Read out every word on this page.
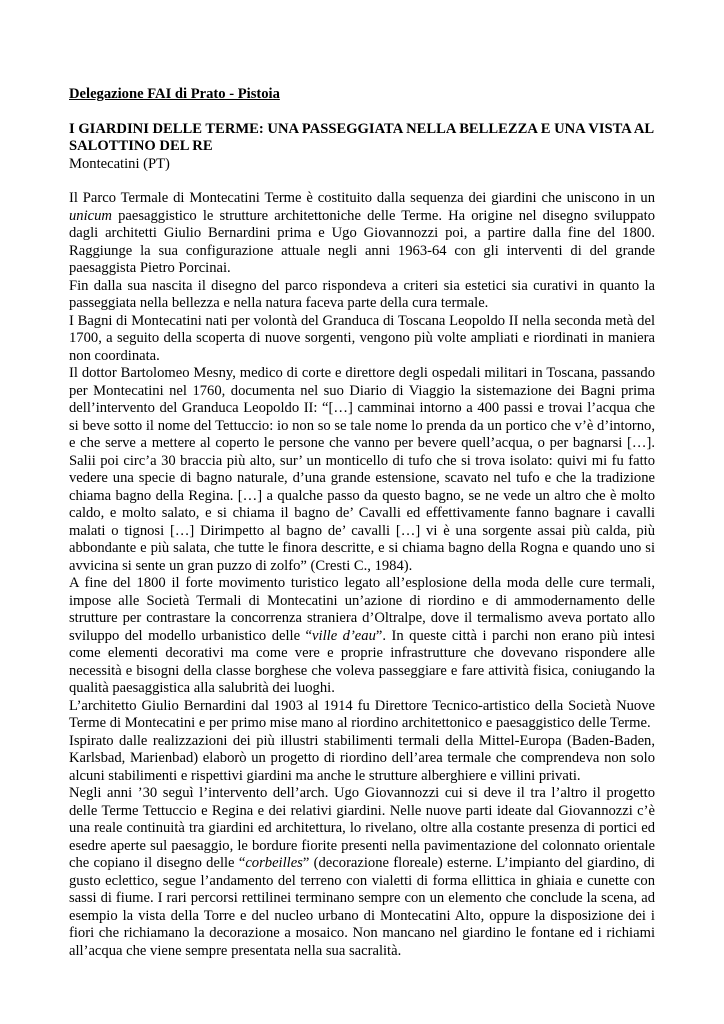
Delegazione FAI di Prato - Pistoia

I GIARDINI DELLE TERME: UNA PASSEGGIATA NELLA BELLEZZA E UNA VISTA AL SALOTTINO DEL RE

Montecatini (PT)

Il Parco Termale di Montecatini Terme è costituito dalla sequenza dei giardini che uniscono in un unicum paesaggistico le strutture architettoniche delle Terme. Ha origine nel disegno sviluppato dagli architetti Giulio Bernardini prima e Ugo Giovannozzi poi, a partire dalla fine del 1800. Raggiunge la sua configurazione attuale negli anni 1963-64 con gli interventi di del grande paesaggista Pietro Porcinai.

Fin dalla sua nascita il disegno del parco rispondeva a criteri sia estetici sia curativi in quanto la passeggiata nella bellezza e nella natura faceva parte della cura termale.

I Bagni di Montecatini nati per volontà del Granduca di Toscana Leopoldo II nella seconda metà del 1700, a seguito della scoperta di nuove sorgenti, vengono più volte ampliati e riordinati in maniera non coordinata.

Il dottor Bartolomeo Mesny, medico di corte e direttore degli ospedali militari in Toscana, passando per Montecatini nel 1760, documenta nel suo Diario di Viaggio la sistemazione dei Bagni prima dell’intervento del Granduca Leopoldo II: “[…] camminai intorno a 400 passi e trovai l’acqua che si beve sotto il nome del Tettuccio: io non so se tale nome lo prenda da un portico che v’è d’intorno, e che serve a mettere al coperto le persone che vanno per bevere quell’acqua, o per bagnarsi […]. Salii poi circ’a 30 braccia più alto, sur’ un monticello di tufo che si trova isolato: quivi mi fu fatto vedere una specie di bagno naturale, d’una grande estensione, scavato nel tufo e che la tradizione chiama bagno della Regina. […] a qualche passo da questo bagno, se ne vede un altro che è molto caldo, e molto salato, e si chiama il bagno de’ Cavalli ed effettivamente fanno bagnare i cavalli malati o tignosi […] Dirimpetto al bagno de’ cavalli […] vi è una sorgente assai più calda, più abbondante e più salata, che tutte le finora descritte, e si chiama bagno della Rogna e quando uno si avvicina si sente un gran puzzo di zolfo” (Cresti C., 1984).

A fine del 1800 il forte movimento turistico legato all’esplosione della moda delle cure termali, impose alle Società Termali di Montecatini un’azione di riordino e di ammodernamento delle strutture per contrastare la concorrenza straniera d’Oltralpe, dove il termalismo aveva portato allo sviluppo del modello urbanistico delle “ville d’eau”. In queste città i parchi non erano più intesi come elementi decorativi ma come vere e proprie infrastrutture che dovevano rispondere alle necessità e bisogni della classe borghese che voleva passeggiare e fare attività fisica, coniugando la qualità paesaggistica alla salubrità dei luoghi.

L’architetto Giulio Bernardini dal 1903 al 1914 fu Direttore Tecnico-artistico della Società Nuove Terme di Montecatini e per primo mise mano al riordino architettonico e paesaggistico delle Terme.

Ispirato dalle realizzazioni dei più illustri stabilimenti termali della Mittel-Europa (Baden-Baden, Karlsbad, Marienbad) elaborò un progetto di riordino dell’area termale che comprendeva non solo alcuni stabilimenti e rispettivi giardini ma anche le strutture alberghiere e villini privati.

Negli anni ’30 seguì l’intervento dell’arch. Ugo Giovannozzi cui si deve il tra l’altro il progetto delle Terme Tettuccio e Regina e dei relativi giardini. Nelle nuove parti ideate dal Giovannozzi c’è una reale continuità tra giardini ed architettura, lo rivelano, oltre alla costante presenza di portici ed esedre aperte sul paesaggio, le bordure fiorite presenti nella pavimentazione del colonnato orientale che copiano il disegno delle “corbeilles” (decorazione floreale) esterne. L’impianto del giardino, di gusto eclettico, segue l’andamento del terreno con vialetti di forma ellittica in ghiaia e cunette con sassi di fiume. I rari percorsi rettilinei terminano sempre con un elemento che conclude la scena, ad esempio la vista della Torre e del nucleo urbano di Montecatini Alto, oppure la disposizione dei i fiori che richiamano la decorazione a mosaico. Non mancano nel giardino le fontane ed i richiami all’acqua che viene sempre presentata nella sua sacralità.
